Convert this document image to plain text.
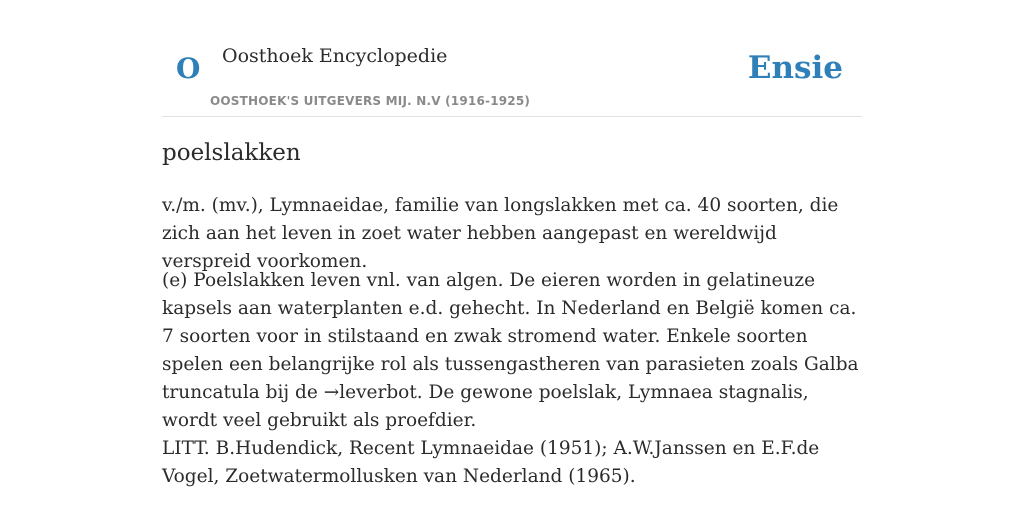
O Oosthoek Encyclopedie
OOSTHOEK'S UITGEVERS MIJ. N.V (1916-1925)
Ensie
poelslakken

v./m. (mv.), Lymnaeidae, familie van longslakken met ca. 40 soorten, die zich aan het leven in zoet water hebben aangepast en wereldwijd verspreid voorkomen.

(e) Poelslakken leven vnl. van algen. De eieren worden in gelatineuze kapsels aan waterplanten e.d. gehecht. In Nederland en België komen ca. 7 soorten voor in stilstaand en zwak stromend water. Enkele soorten spelen een belangrijke rol als tussengastheren van parasieten zoals Galba truncatula bij de →leverbot. De gewone poelslak, Lymnaea stagnalis, wordt veel gebruikt als proefdier.

LITT. B.Hudendick, Recent Lymnaeidae (1951); A.W.Janssen en E.F.de Vogel, Zoetwatermollusken van Nederland (1965).
